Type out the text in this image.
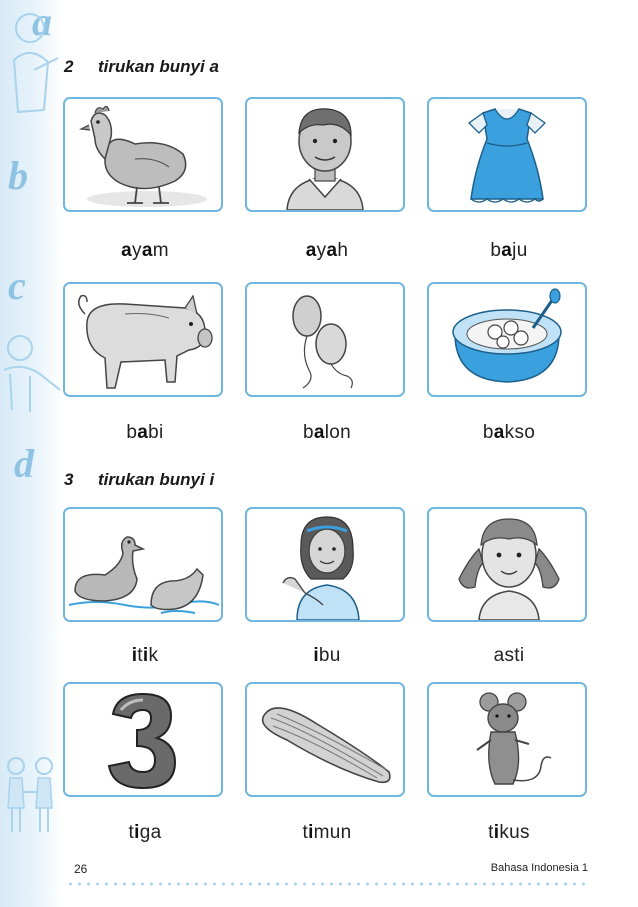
a
b
c
d
2 tirukan bunyi a
ayam	ayah	baju
babi	balon	bakso
3 tirukan bunyi i
itik	ibu	asti
tiga	timun	tikus
26	Bahasa Indonesia 1
